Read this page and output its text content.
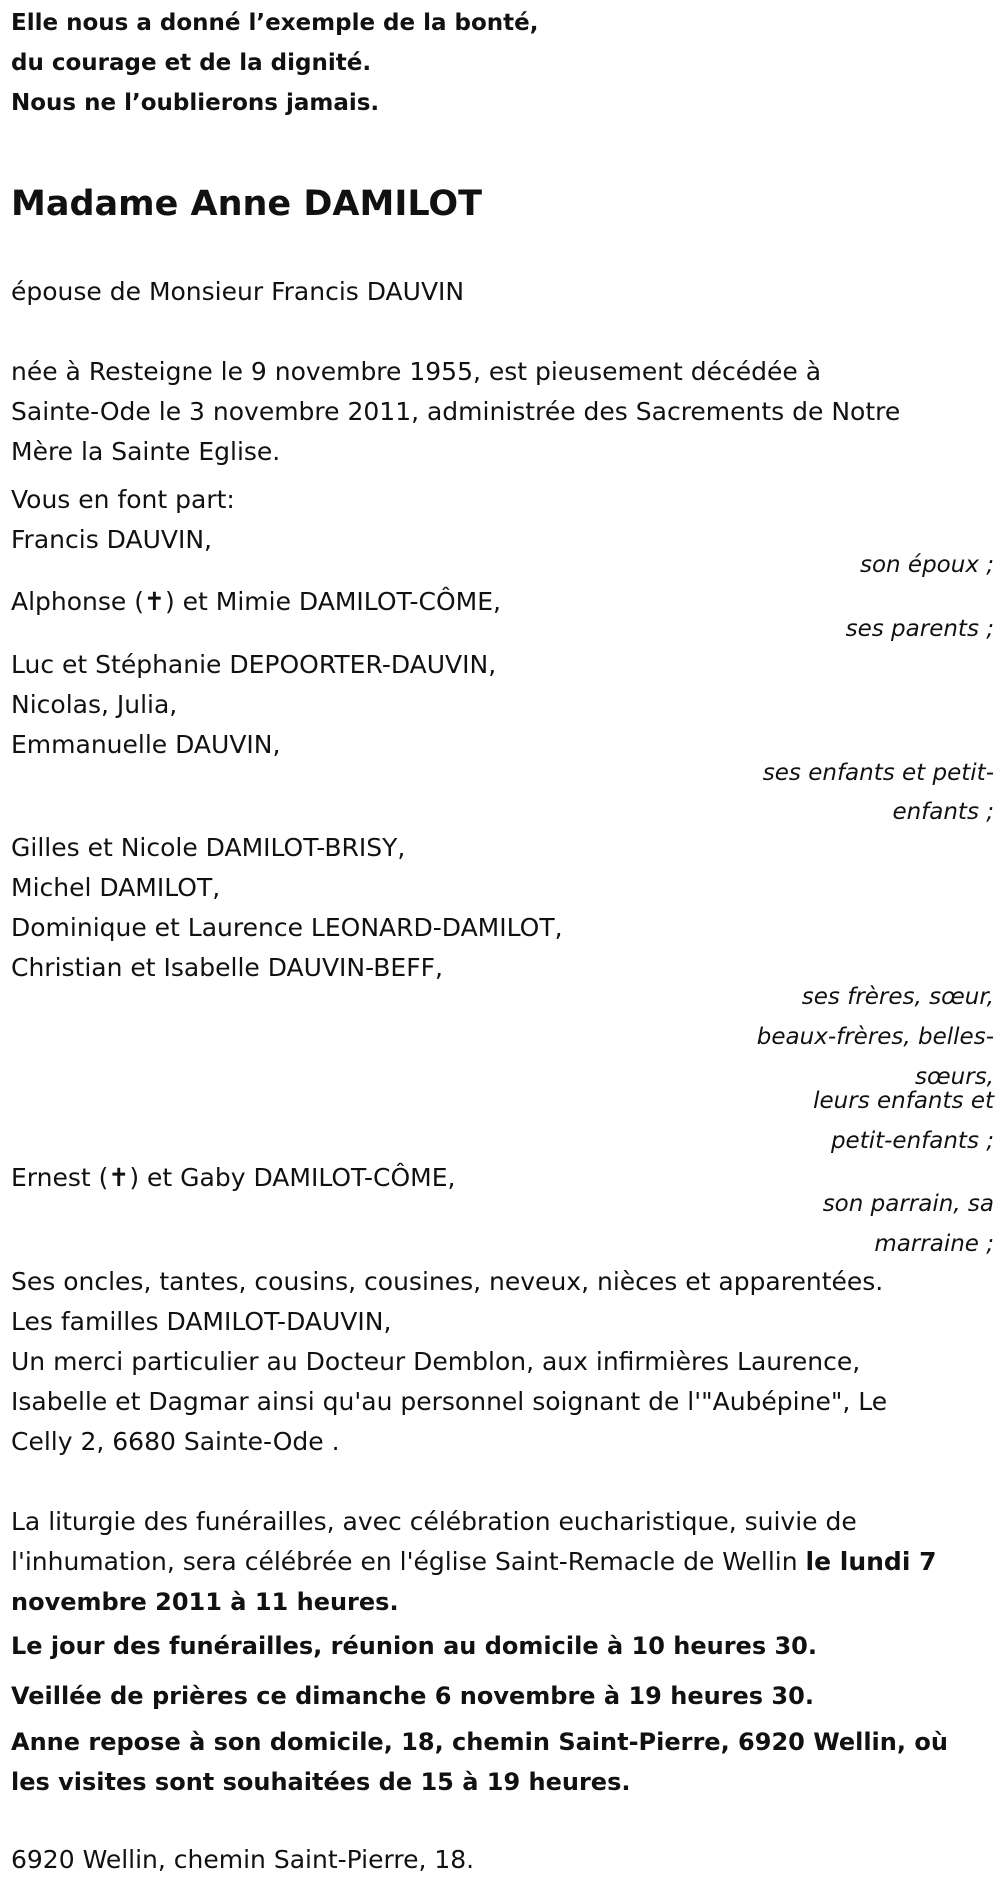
Elle nous a donné l’exemple de la bonté,

du courage et de la dignité.

Nous ne l’oublierons jamais.

Madame Anne DAMILOT

épouse de Monsieur Francis DAUVIN

née à Resteigne le 9 novembre 1955, est pieusement décédée à
Sainte-Ode le 3 novembre 2011, administrée des Sacrements de Notre
Mère la Sainte Eglise.

Vous en font part:

Francis DAUVIN,

son époux ;

Alphonse (✝) et Mimie DAMILOT-CÔME,

ses parents ;

Luc et Stéphanie DEPOORTER-DAUVIN,

Nicolas, Julia,

Emmanuelle DAUVIN,

ses enfants et petit-

enfants ;

Gilles et Nicole DAMILOT-BRISY,

Michel DAMILOT,

Dominique et Laurence LEONARD-DAMILOT,

Christian et Isabelle DAUVIN-BEFF,

ses frères, sœur,

beaux-frères, belles-

sœurs,

leurs enfants et

petit-enfants ;

Ernest (✝) et Gaby DAMILOT-CÔME,

son parrain, sa

marraine ;

Ses oncles, tantes, cousins, cousines, neveux, nièces et apparentées.
Les familles DAMILOT-DAUVIN,
Un merci particulier au Docteur Demblon, aux infirmières Laurence,
Isabelle et Dagmar ainsi qu'au personnel soignant de l'"Aubépine", Le
Celly 2, 6680 Sainte-Ode .
La liturgie des funérailles, avec célébration eucharistique, suivie de
l'inhumation, sera célébrée en l'église Saint-Remacle de Wellin le lundi 7
novembre 2011 à 11 heures.

Le jour des funérailles, réunion au domicile à 10 heures 30.

Veillée de prières ce dimanche 6 novembre à 19 heures 30.

Anne repose à son domicile, 18, chemin Saint-Pierre, 6920 Wellin, où
les visites sont souhaitées de 15 à 19 heures.

6920 Wellin, chemin Saint-Pierre, 18.
